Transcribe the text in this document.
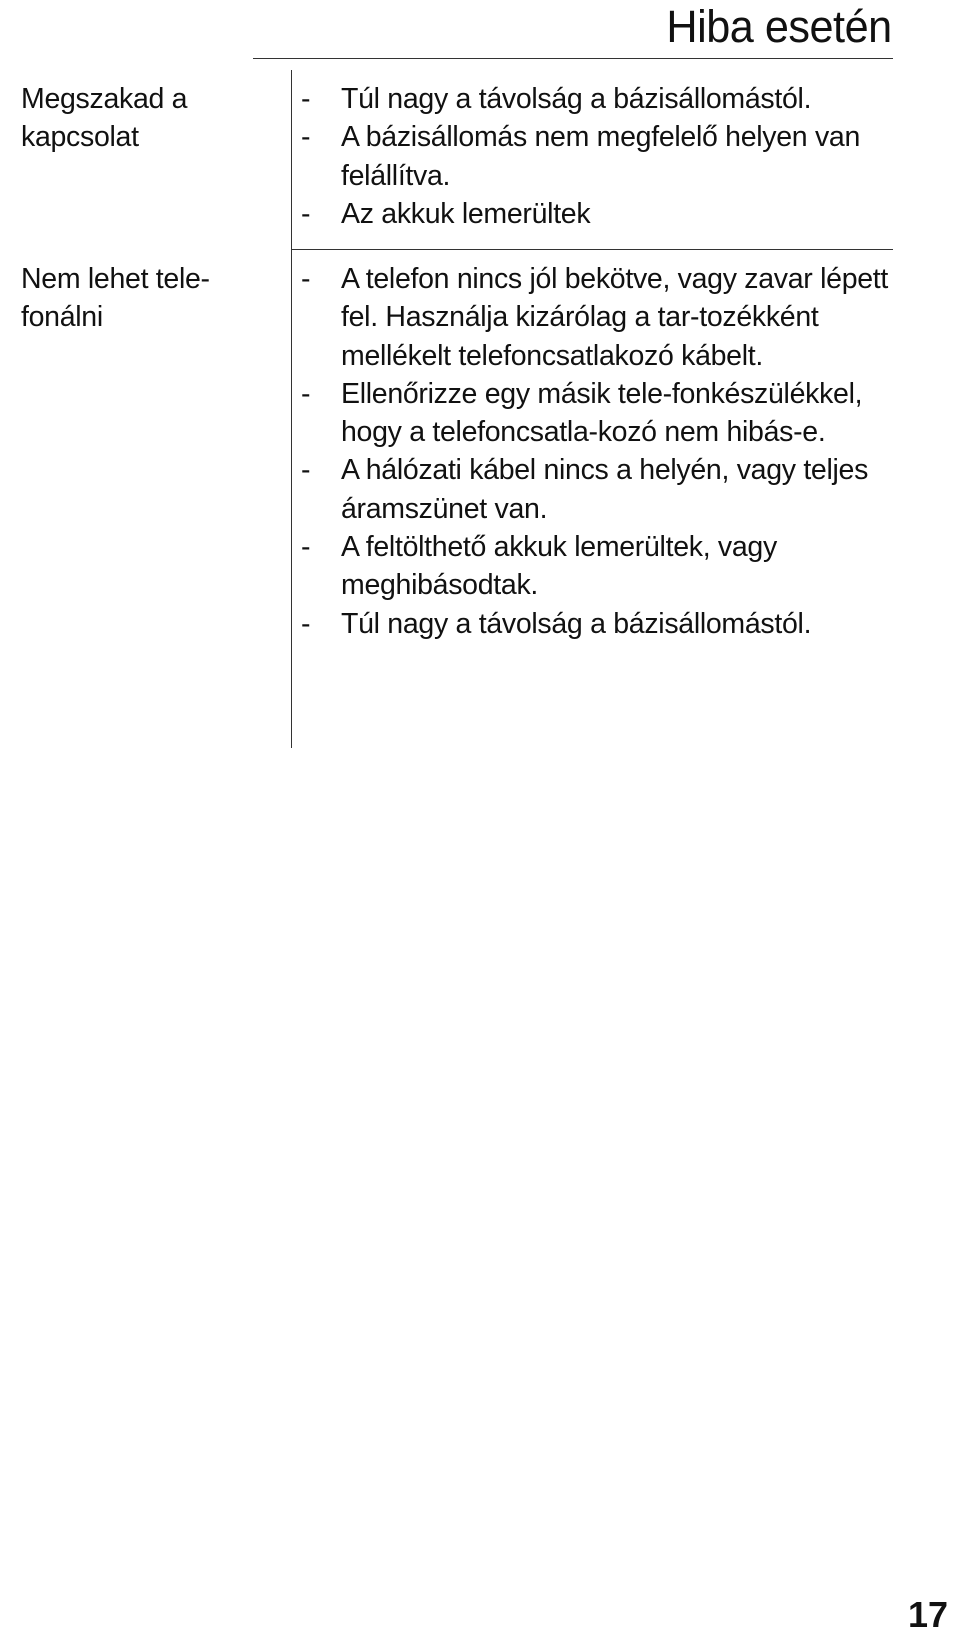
Hiba esetén

Megszakad a kapcsolat

- Túl nagy a távolság a bázisállomástól.
- A bázisállomás nem megfelelő helyen van felállítva.
- Az akkuk lemerültek

Nem lehet tele-fonálni

- A telefon nincs jól bekötve, vagy zavar lépett fel. Használja kizárólag a tar-tozékként mellékelt telefoncsatlakozó kábelt.
- Ellenőrizze egy másik tele-fonkészülékkel, hogy a telefoncsatla-kozó nem hibás-e.
- A hálózati kábel nincs a helyén, vagy teljes áramszünet van.
- A feltölthető akkuk lemerültek, vagy meghibásodtak.
- Túl nagy a távolság a bázisállomástól.
17
